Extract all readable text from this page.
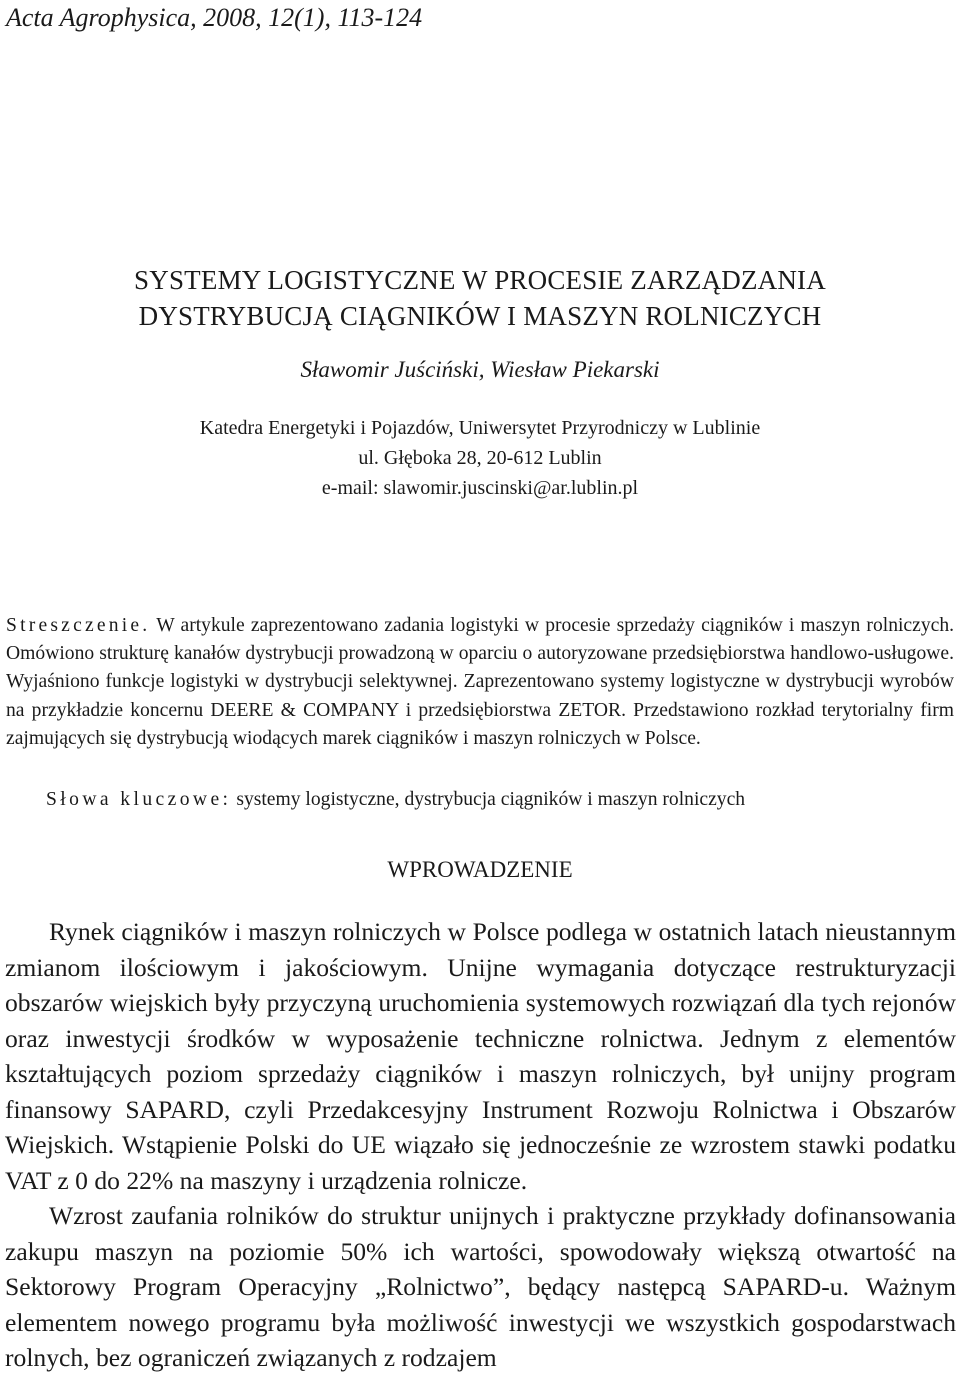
Acta Agrophysica, 2008, 12(1), 113-124
SYSTEMY LOGISTYCZNE W PROCESIE ZARZĄDZANIA
DYSTRYBUCJĄ CIĄGNIKÓW I MASZYN ROLNICZYCH
Sławomir Juściński, Wiesław Piekarski
Katedra Energetyki i Pojazdów, Uniwersytet Przyrodniczy w Lublinie
ul. Głęboka 28, 20-612 Lublin
e-mail: slawomir.juscinski@ar.lublin.pl
Streszczenie. W artykule zaprezentowano zadania logistyki w procesie sprzedaży ciągników i maszyn rolniczych. Omówiono strukturę kanałów dystrybucji prowadzoną w oparciu o autoryzowane przedsiębiorstwa handlowo-usługowe. Wyjaśniono funkcje logistyki w dystrybucji selektywnej. Zaprezentowano systemy logistyczne w dystrybucji wyrobów na przykładzie koncernu DEERE & COMPANY i przedsiębiorstwa ZETOR. Przedstawiono rozkład terytorialny firm zajmujących się dystrybucją wiodących marek ciągników i maszyn rolniczych w Polsce.
Słowa kluczowe: systemy logistyczne, dystrybucja ciągników i maszyn rolniczych
WPROWADZENIE

Rynek ciągników i maszyn rolniczych w Polsce podlega w ostatnich latach nieustannym zmianom ilościowym i jakościowym. Unijne wymagania dotyczące restrukturyzacji obszarów wiejskich były przyczyną uruchomienia systemowych rozwiązań dla tych rejonów oraz inwestycji środków w wyposażenie techniczne rolnictwa. Jednym z elementów kształtujących poziom sprzedaży ciągników i maszyn rolniczych, był unijny program finansowy SAPARD, czyli Przedakcesyjny Instrument Rozwoju Rolnictwa i Obszarów Wiejskich. Wstąpienie Polski do UE wiązało się jednocześnie ze wzrostem stawki podatku VAT z 0 do 22% na maszyny i urządzenia rolnicze.

Wzrost zaufania rolników do struktur unijnych i praktyczne przykłady dofinansowania zakupu maszyn na poziomie 50% ich wartości, spowodowały większą otwartość na Sektorowy Program Operacyjny „Rolnictwo”, będący następcą SAPARD-u. Ważnym elementem nowego programu była możliwość inwestycji we wszystkich gospodarstwach rolnych, bez ograniczeń związanych z rodzajem
